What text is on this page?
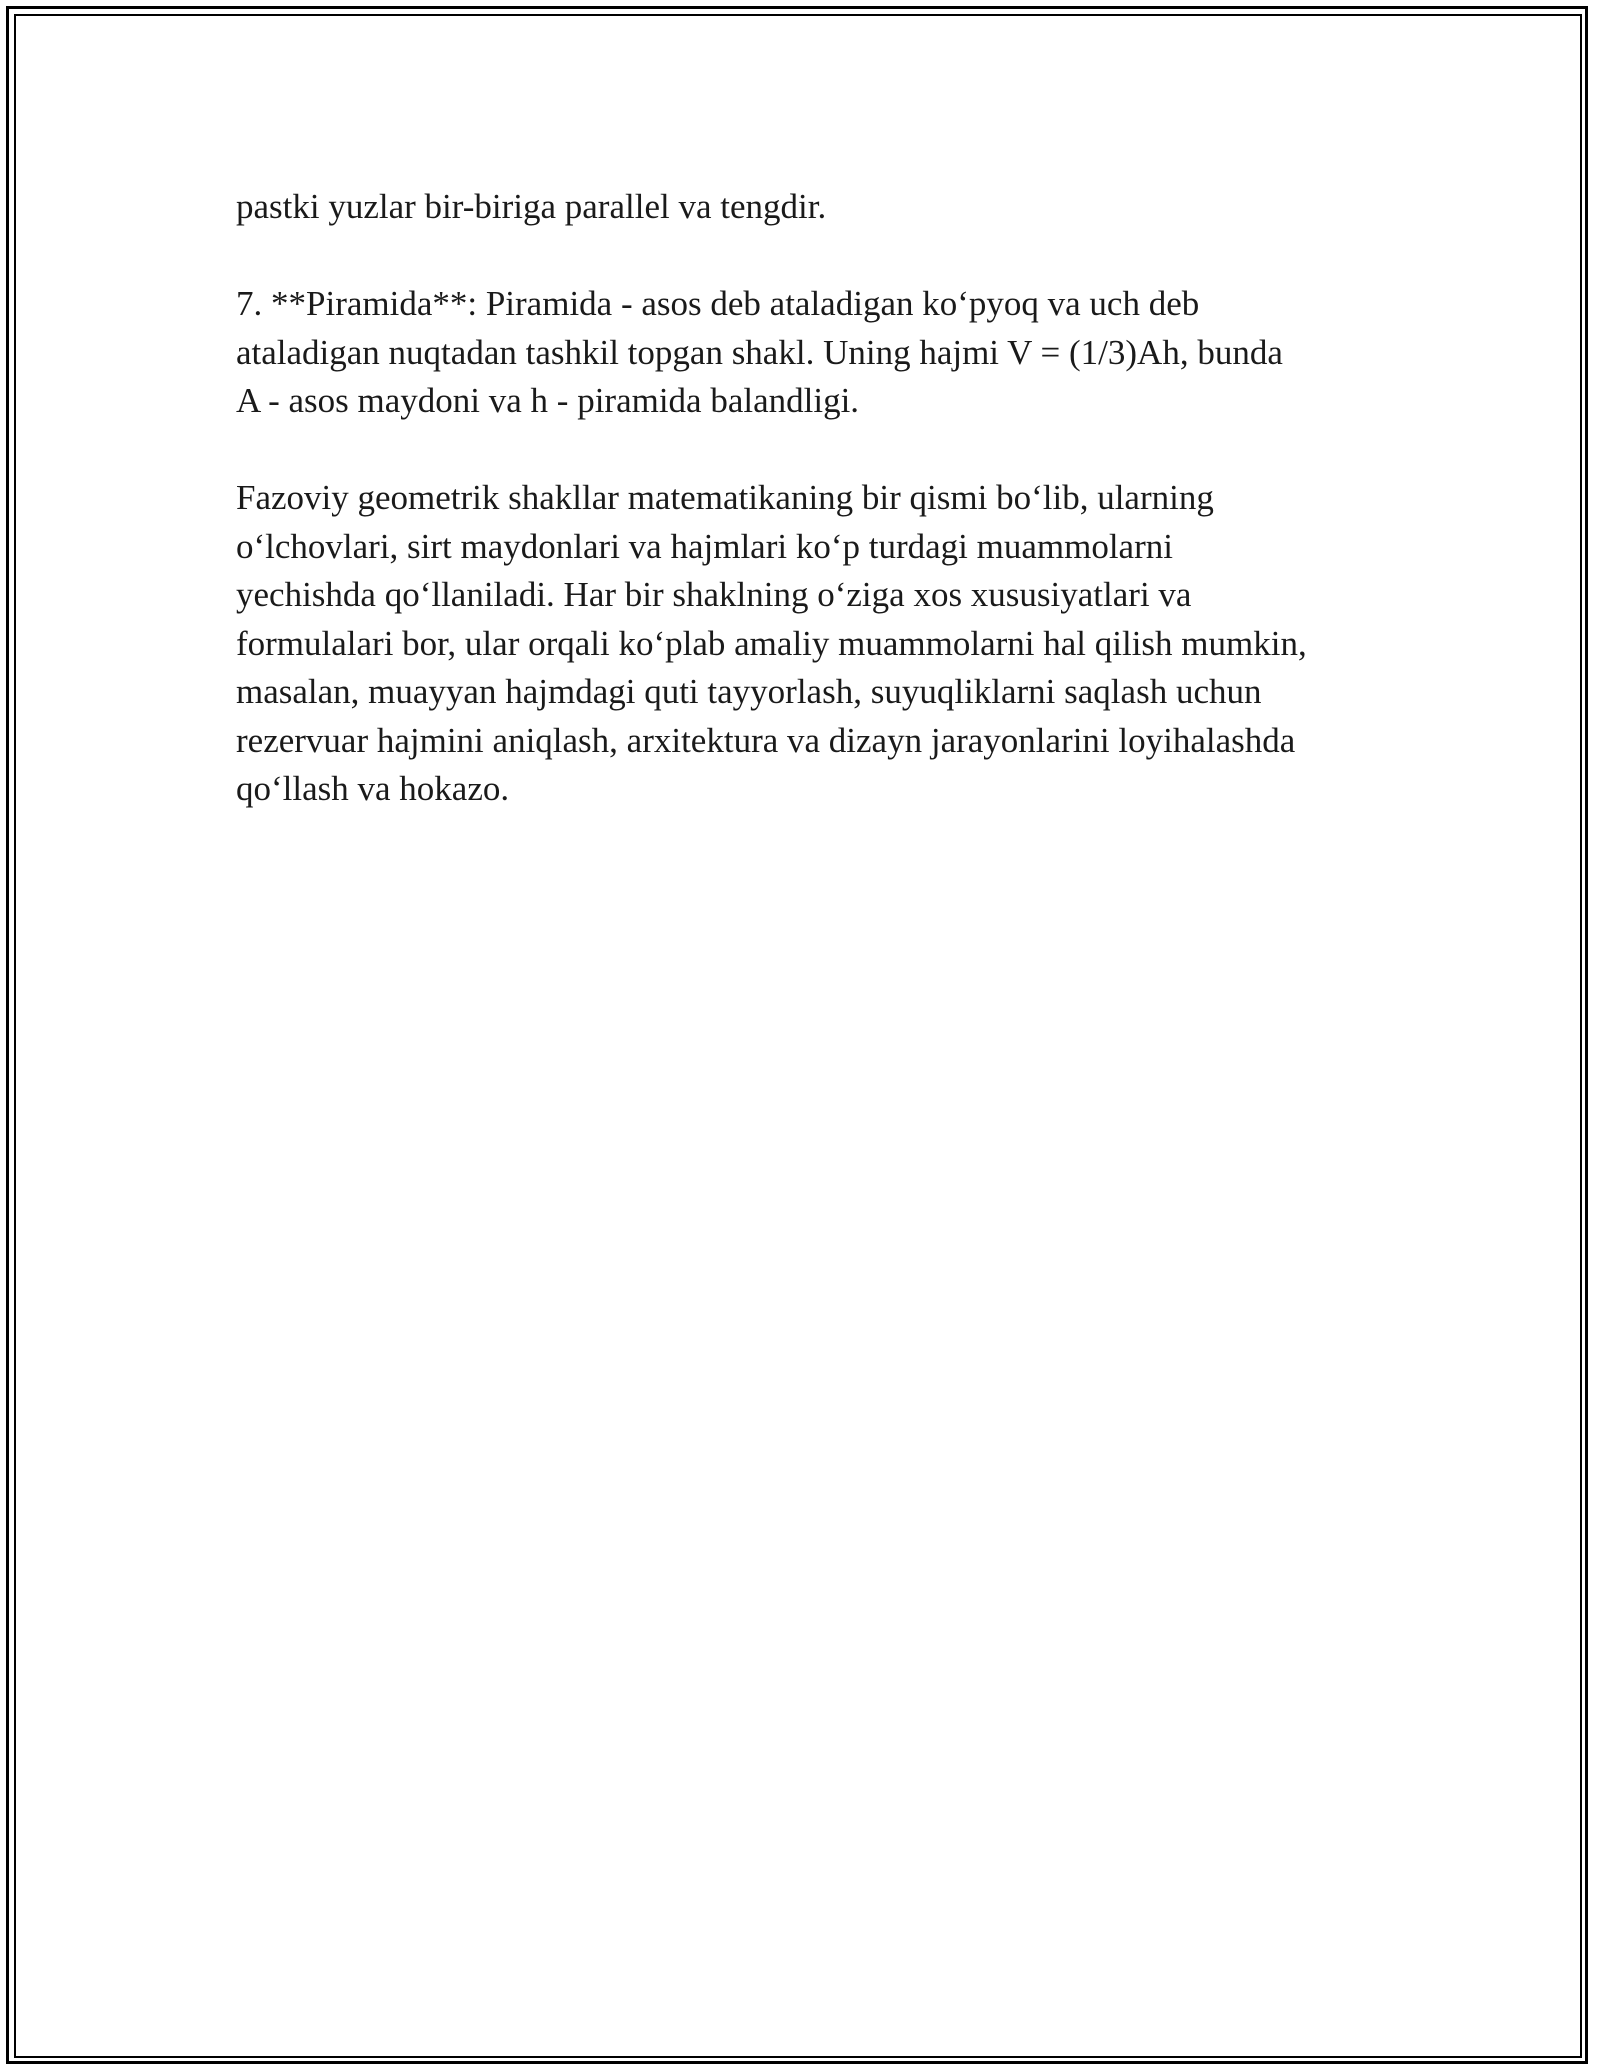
pastki yuzlar bir-biriga parallel va tengdir.

7. **Piramida**: Piramida - asos deb ataladigan ko‘pyoq va uch deb
ataladigan nuqtadan tashkil topgan shakl. Uning hajmi V = (1/3)Ah, bunda
A - asos maydoni va h - piramida balandligi.

Fazoviy geometrik shakllar matematikaning bir qismi bo‘lib, ularning
o‘lchovlari, sirt maydonlari va hajmlari ko‘p turdagi muammolarni
yechishda qo‘llaniladi. Har bir shaklning o‘ziga xos xususiyatlari va
formulalari bor, ular orqali ko‘plab amaliy muammolarni hal qilish mumkin,
masalan, muayyan hajmdagi quti tayyorlash, suyuqliklarni saqlash uchun
rezervuar hajmini aniqlash, arxitektura va dizayn jarayonlarini loyihalashda
qo‘llash va hokazo.
